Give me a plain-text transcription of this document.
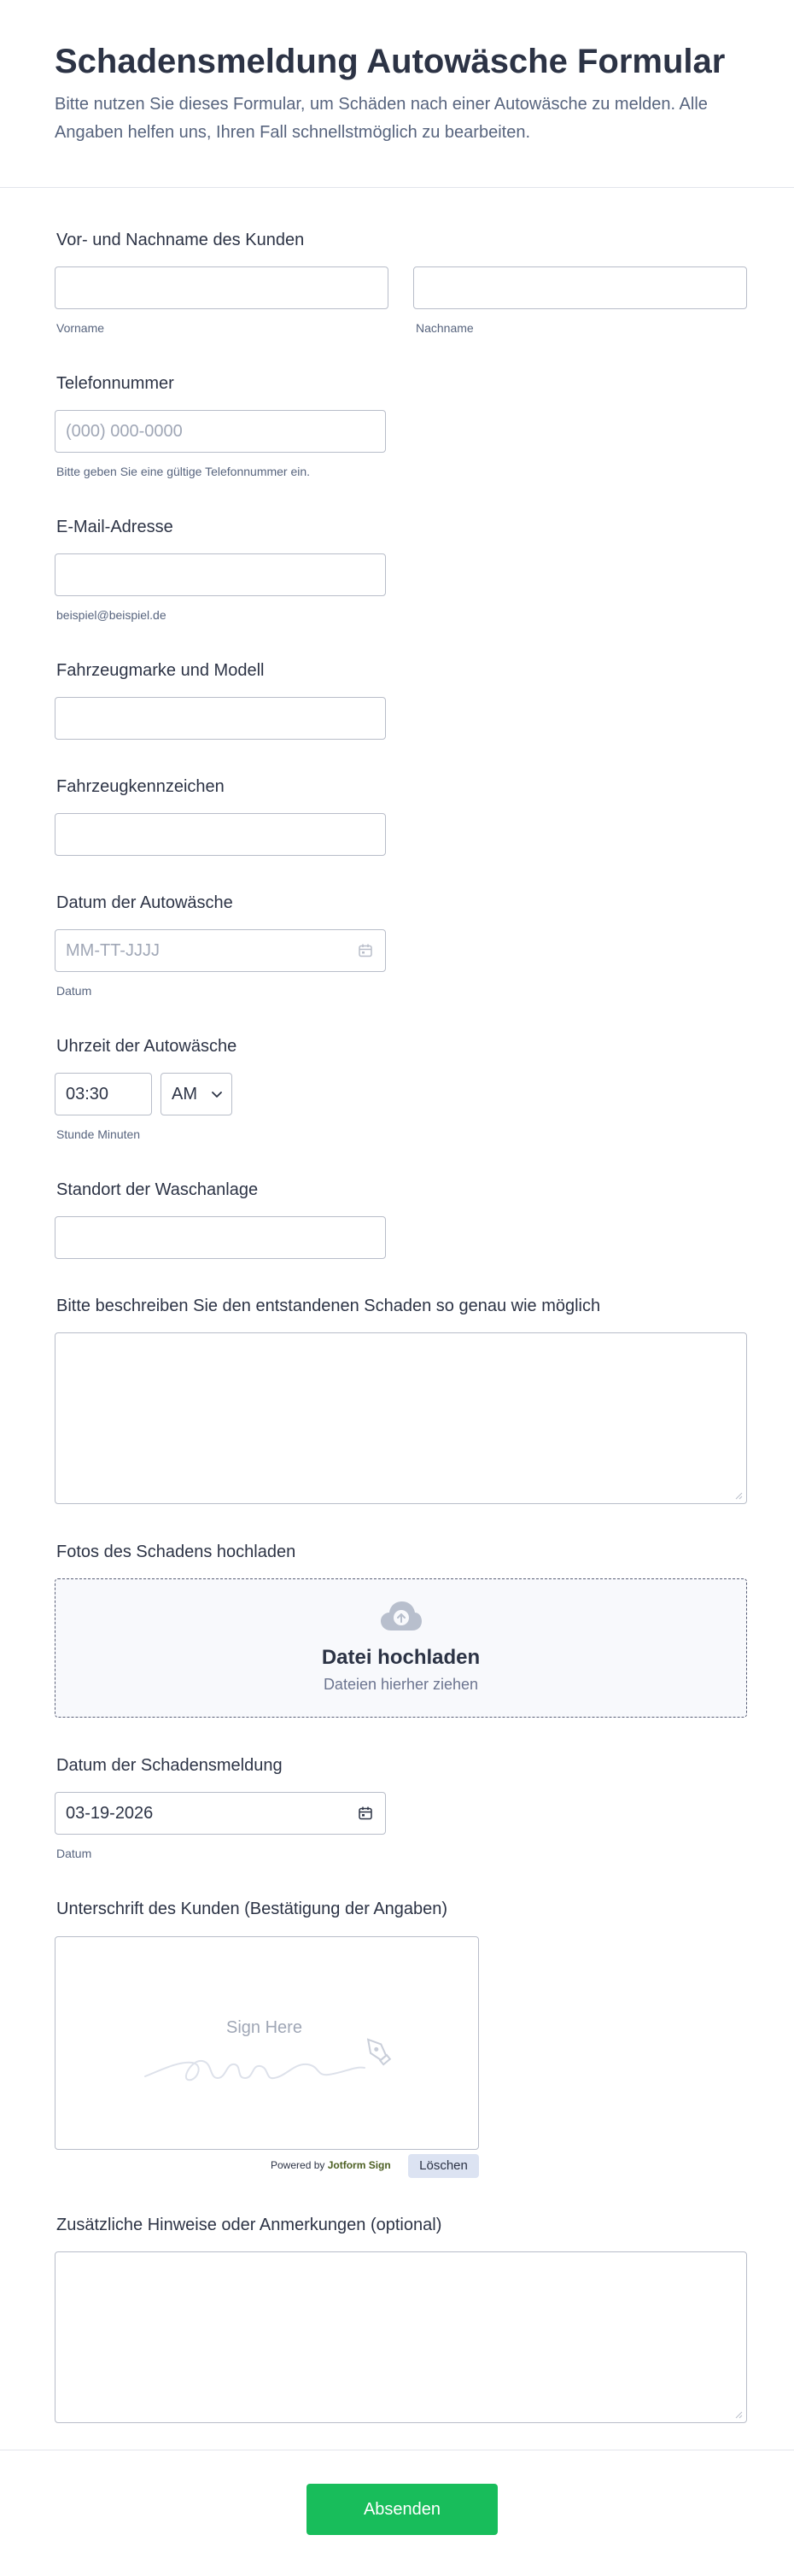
Schadensmeldung Autowäsche Formular
Bitte nutzen Sie dieses Formular, um Schäden nach einer Autowäsche zu melden. Alle Angaben helfen uns, Ihren Fall schnellstmöglich zu bearbeiten.
Vor- und Nachname des Kunden
Vorname	Nachname
Telefonnummer
(000) 000-0000
Bitte geben Sie eine gültige Telefonnummer ein.
E-Mail-Adresse
beispiel@beispiel.de
Fahrzeugmarke und Modell
Fahrzeugkennzeichen
Datum der Autowäsche
MM-TT-JJJJ
Datum
Uhrzeit der Autowäsche
03:30	AM
Stunde Minuten
Standort der Waschanlage
Bitte beschreiben Sie den entstandenen Schaden so genau wie möglich
Fotos des Schadens hochladen
Datei hochladen
Dateien hierher ziehen
Datum der Schadensmeldung
03-19-2026
Datum
Unterschrift des Kunden (Bestätigung der Angaben)
Sign Here
Powered by Jotform Sign	Löschen
Zusätzliche Hinweise oder Anmerkungen (optional)
Absenden
